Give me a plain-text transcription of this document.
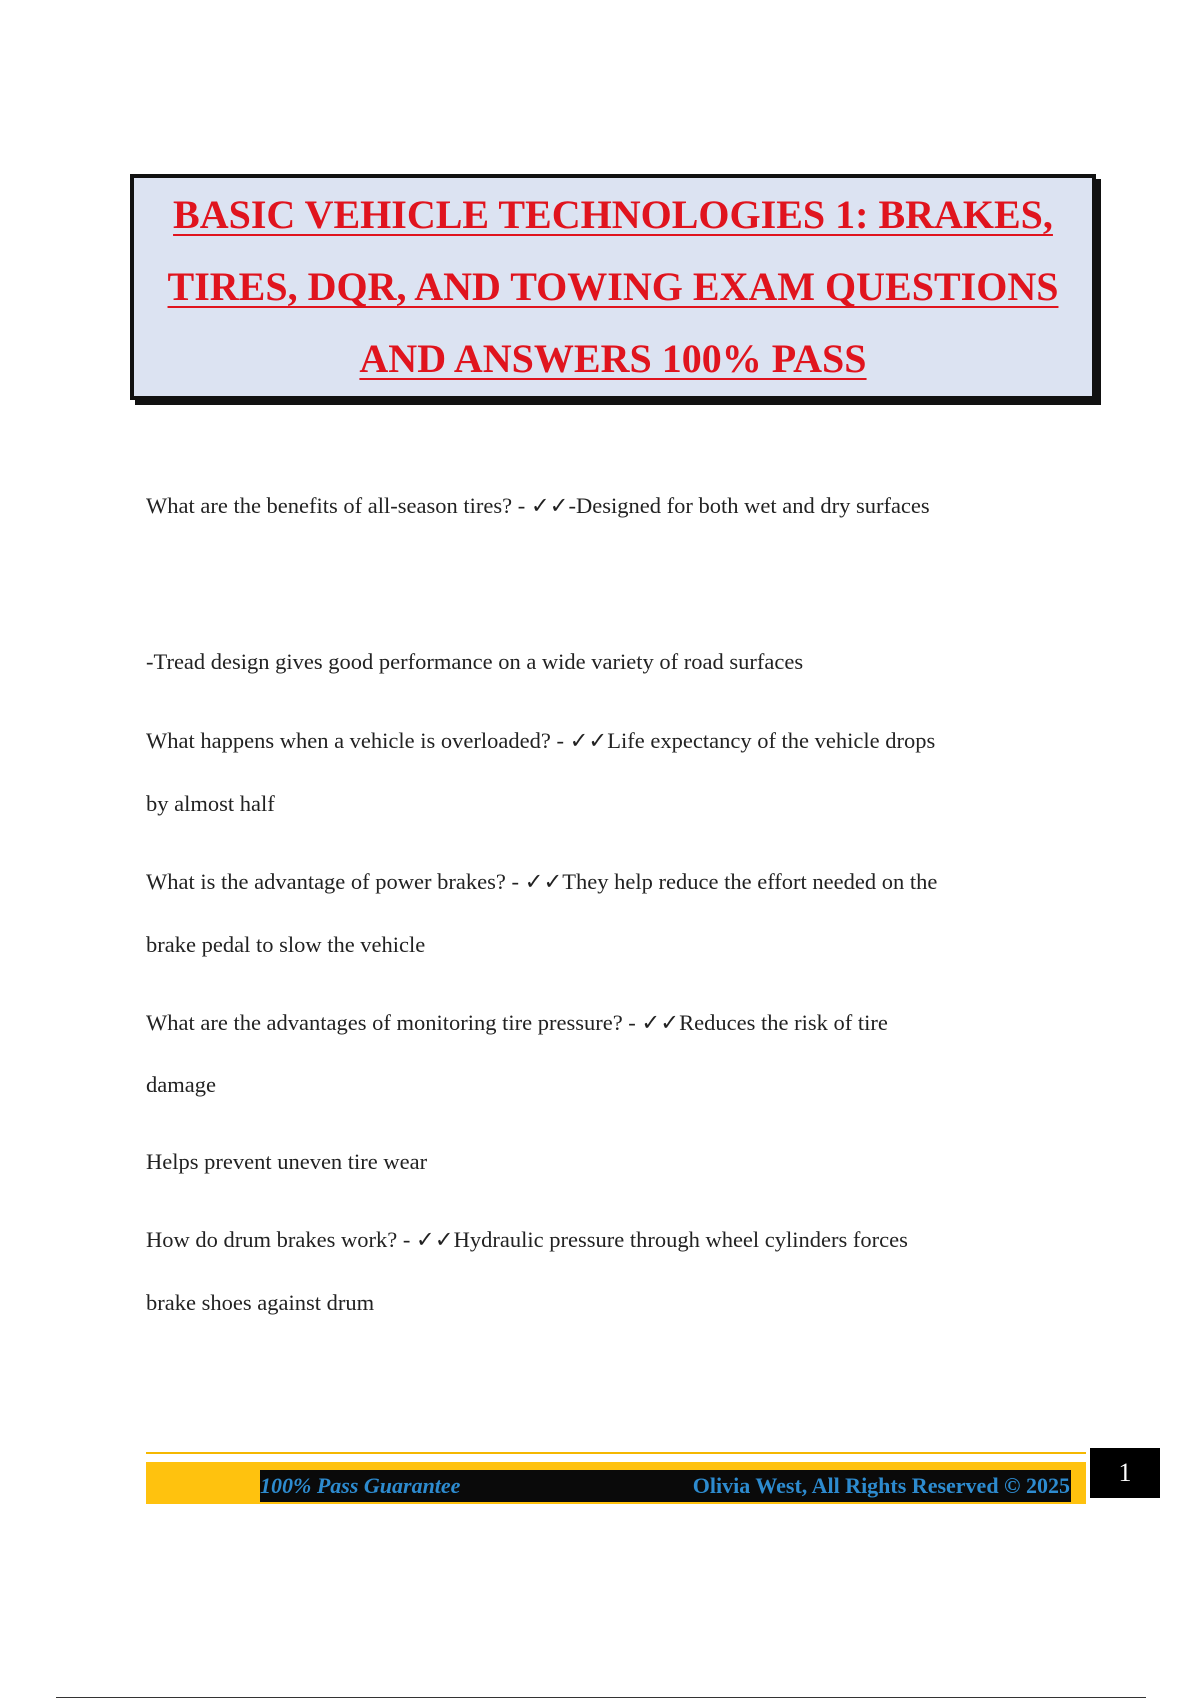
BASIC VEHICLE TECHNOLOGIES 1: BRAKES,
TIRES, DQR, AND TOWING EXAM QUESTIONS
AND ANSWERS 100% PASS

What are the benefits of all-season tires? - ✓✓-Designed for both wet and dry surfaces

-Tread design gives good performance on a wide variety of road surfaces

What happens when a vehicle is overloaded? - ✓✓Life expectancy of the vehicle drops

by almost half

What is the advantage of power brakes? - ✓✓They help reduce the effort needed on the

brake pedal to slow the vehicle

What are the advantages of monitoring tire pressure? - ✓✓Reduces the risk of tire

damage

Helps prevent uneven tire wear

How do drum brakes work? - ✓✓Hydraulic pressure through wheel cylinders forces

brake shoes against drum

100% Pass Guarantee	Olivia West, All Rights Reserved © 2025	1
